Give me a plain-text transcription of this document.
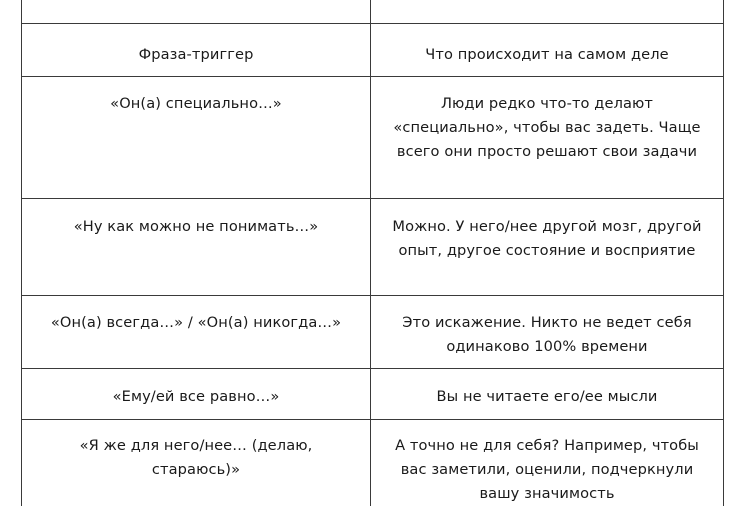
Фраза-триггер	Что происходит на самом деле

«Он(а) специально…»	Люди редко что-то делают «специально», чтобы вас задеть. Чаще всего они просто решают свои задачи

«Ну как можно не понимать…»	Можно. У него/нее другой мозг, другой опыт, другое состояние и восприятие

«Он(а) всегда…» / «Он(а) никогда…»	Это искажение. Никто не ведет себя одинаково 100% времени

«Ему/ей все равно…»	Вы не читаете его/ее мысли

«Я же для него/нее… (делаю, стараюсь)»	А точно не для себя? Например, чтобы вас заметили, оценили, подчеркнули вашу значимость
